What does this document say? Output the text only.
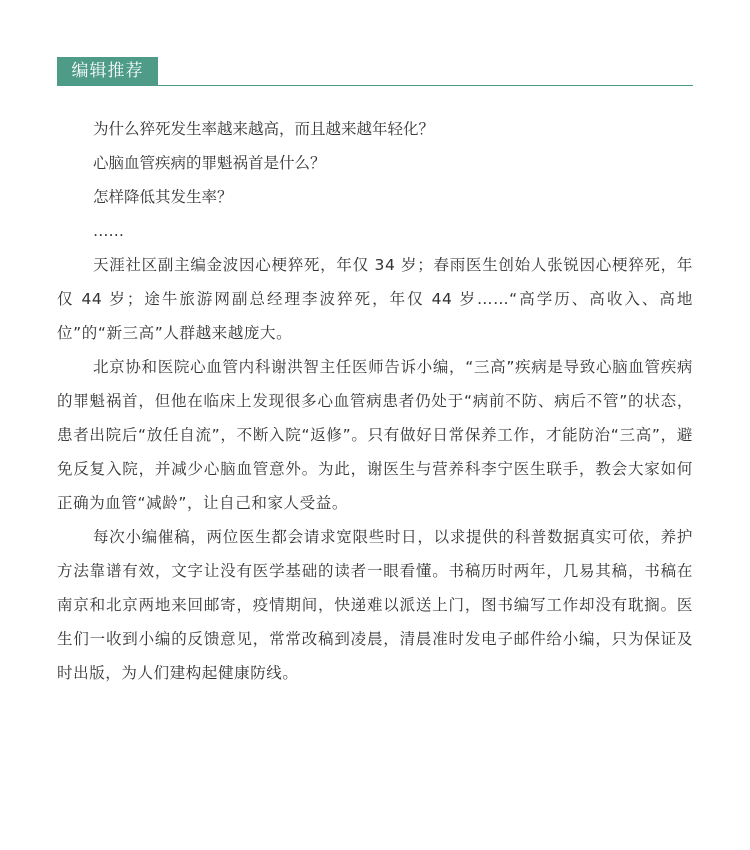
编辑推荐

为什么猝死发生率越来越高，而且越来越年轻化？

心脑血管疾病的罪魁祸首是什么？

怎样降低其发生率？

……

天涯社区副主编金波因心梗猝死，年仅 34 岁；春雨医生创始人张锐因心梗猝死，年仅 44 岁；途牛旅游网副总经理李波猝死，年仅 44 岁……“高学历、高收入、高地位”的“新三高”人群越来越庞大。

北京协和医院心血管内科谢洪智主任医师告诉小编，“三高”疾病是导致心脑血管疾病的罪魁祸首，但他在临床上发现很多心血管病患者仍处于“病前不防、病后不管”的状态，患者出院后“放任自流”，不断入院“返修”。只有做好日常保养工作，才能防治“三高”，避免反复入院，并减少心脑血管意外。为此，谢医生与营养科李宁医生联手，教会大家如何正确为血管“减龄”，让自己和家人受益。

每次小编催稿，两位医生都会请求宽限些时日，以求提供的科普数据真实可依，养护方法靠谱有效，文字让没有医学基础的读者一眼看懂。书稿历时两年，几易其稿，书稿在南京和北京两地来回邮寄，疫情期间，快递难以派送上门，图书编写工作却没有耽搁。医生们一收到小编的反馈意见，常常改稿到凌晨，清晨准时发电子邮件给小编，只为保证及时出版，为人们建构起健康防线。
